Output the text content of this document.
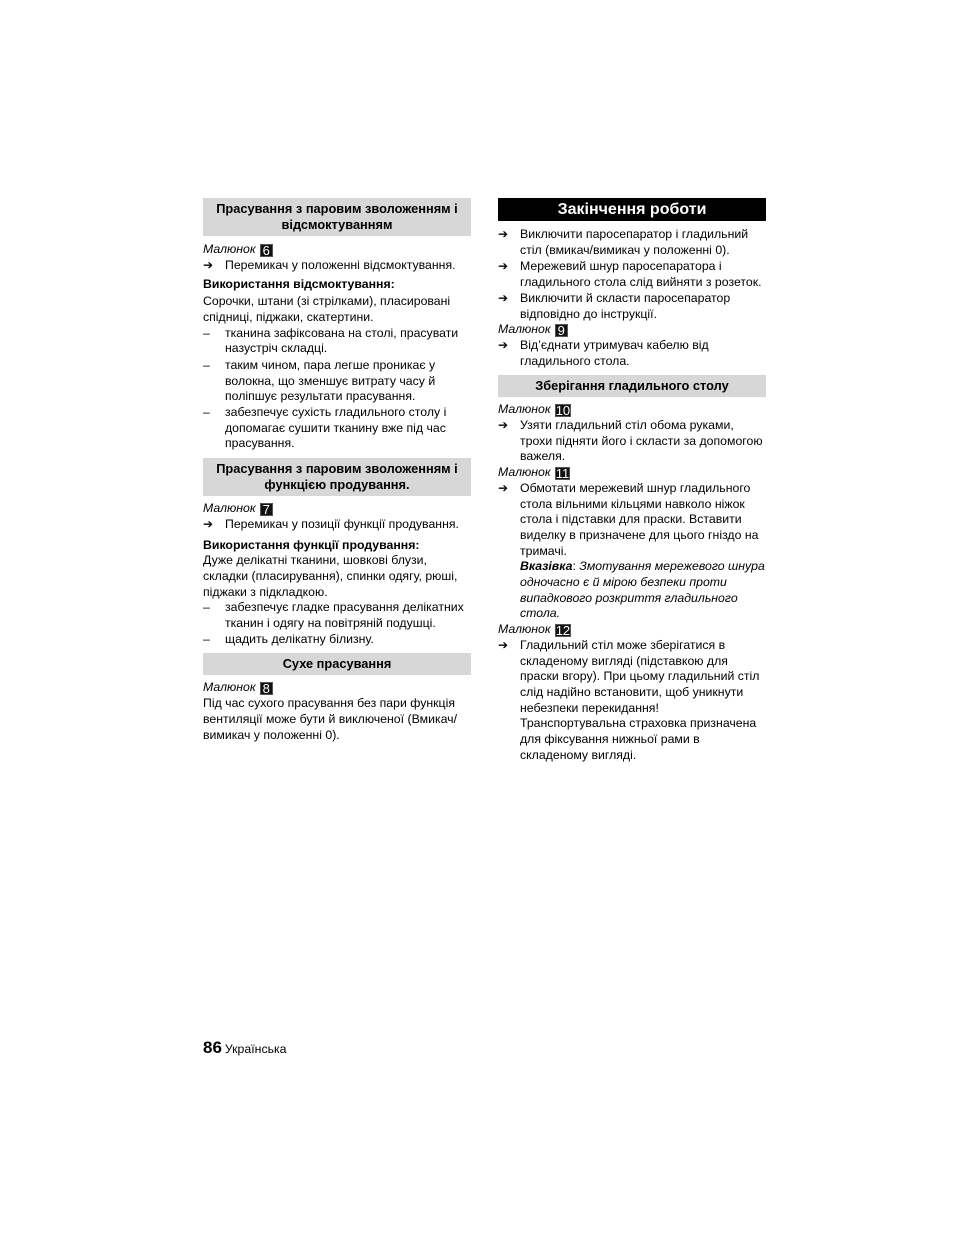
Прасування з паровим зволоженням і відсмоктуванням
Малюнок 6
➔
Перемикач у положенні відсмоктування.
Використання відсмоктування:
Сорочки, штани (зі стрілками), пласировані спідниці, піджаки, скатертини.
–
тканина зафіксована на столі, прасувати назустріч складці.
–
таким чином, пара легше проникає у волокна, що зменшує витрату часу й поліпшує результати прасування.
–
забезпечує сухість гладильного столу і допомагає сушити тканину вже під час прасування.
Прасування з паровим зволоженням і функцією продування.
Малюнок 7
➔
Перемикач у позиції функції продування.
Використання функції продування:
Дуже делікатні тканини, шовкові блузи, складки (пласирування), спинки одягу, рюші, піджаки з підкладкою.
–
забезпечує гладке прасування делікатних тканин і одягу на повітряній подушці.
–
щадить делікатну білизну.
Сухе прасування
Малюнок 8
Під час сухого прасування без пари функція вентиляції може бути й виключеної (Вмикач/вимикач у положенні 0).
Закінчення роботи
➔
Виключити паросепаратор і гладильний стіл (вмикач/вимикач у положенні 0).
➔
Мережевий шнур паросепаратора і гладильного стола слід вийняти з розеток.
➔
Виключити й скласти паросепаратор відповідно до інструкції.
Малюнок 9
➔
Від’єднати утримувач кабелю від гладильного стола.
Зберігання гладильного столу
Малюнок 10
➔
Узяти гладильний стіл обома руками, трохи підняти його і скласти за допомогою важеля.
Малюнок 11
➔
Обмотати мережевий шнур гладильного стола вільними кільцями навколо ніжок стола і підставки для праски. Вставити виделку в призначене для цього гніздо на тримачі.
Вказівка: Змотування мережевого шнура одночасно є й мірою безпеки проти випадкового розкриття гладильного стола.
Малюнок 12
➔
Гладильний стіл може зберігатися в складеному вигляді (підставкою для праски вгору). При цьому гладильний стіл слід надійно встановити, щоб уникнути небезпеки перекидання!
Транспортувальна страховка призначена для фіксування нижньої рами в складеному вигляді.
86 Українська
